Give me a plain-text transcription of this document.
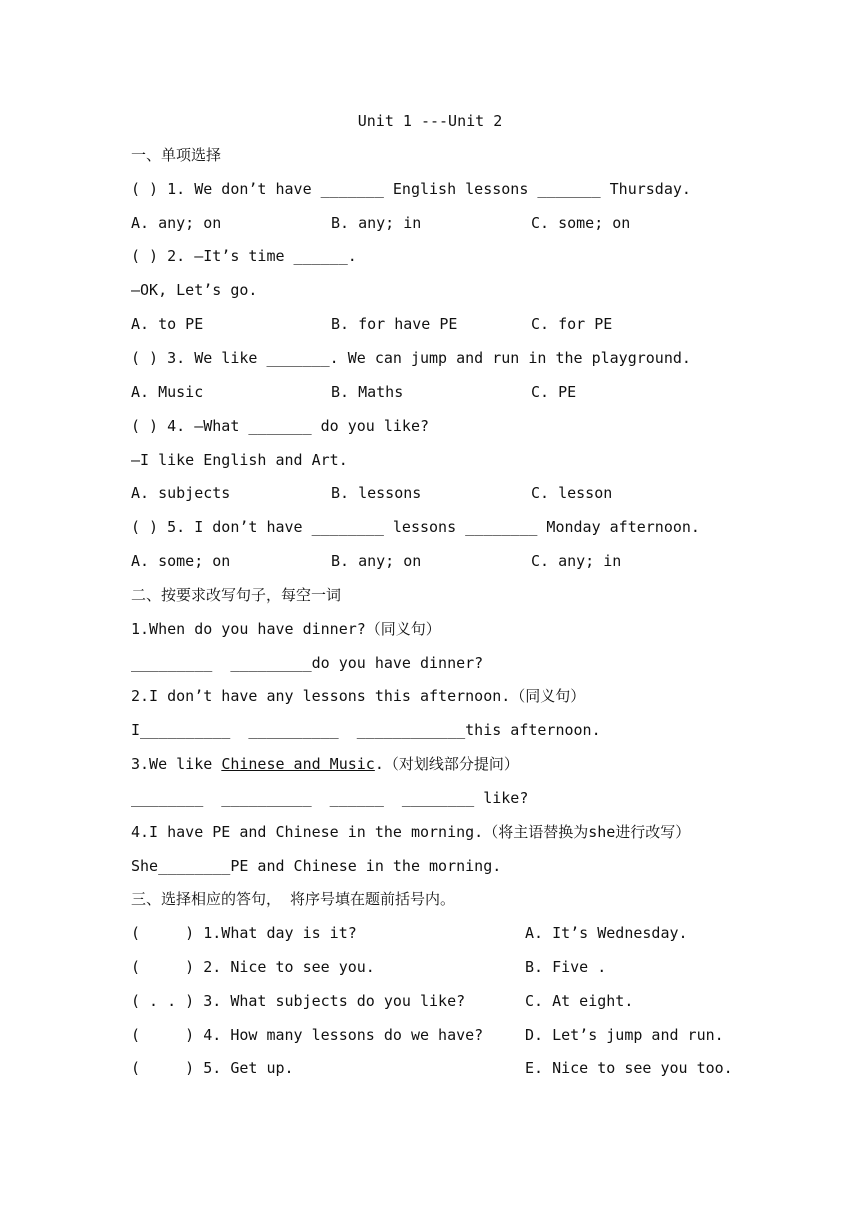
Unit 1 ---Unit 2
一、单项选择
( ) 1. We don’t have _______ English lessons _______ Thursday.
A. any; on	B. any; in	C. some; on
( ) 2. —It’s time ______.
—OK, Let’s go.
A. to PE	B. for have PE	C. for PE
( ) 3. We like _______. We can jump and run in the playground.
A. Music	B. Maths	C. PE
( ) 4. —What _______ do you like?
—I like English and Art.
A. subjects	B. lessons	C. lesson
( ) 5. I don’t have ________ lessons ________ Monday afternoon.
A. some; on	B. any; on	C. any; in
二、按要求改写句子，每空一词
1.When do you have dinner?（同义句）
_________  _________do you have dinner?
2.I don’t have any lessons this afternoon.（同义句）
I__________  __________  ____________this afternoon.
3.We like Chinese and Music.（对划线部分提问）
________  __________  ______  ________ like?
4.I have PE and Chinese in the morning.（将主语替换为she进行改写）
She________PE and Chinese in the morning.
三、选择相应的答句， 将序号填在题前括号内。
(     ) 1.What day is it?	A. It’s Wednesday.
(     ) 2. Nice to see you.	B. Five .
( . . ) 3. What subjects do you like?	C. At eight.
(     ) 4. How many lessons do we have?	D. Let’s jump and run.
(     ) 5. Get up.	E. Nice to see you too.
